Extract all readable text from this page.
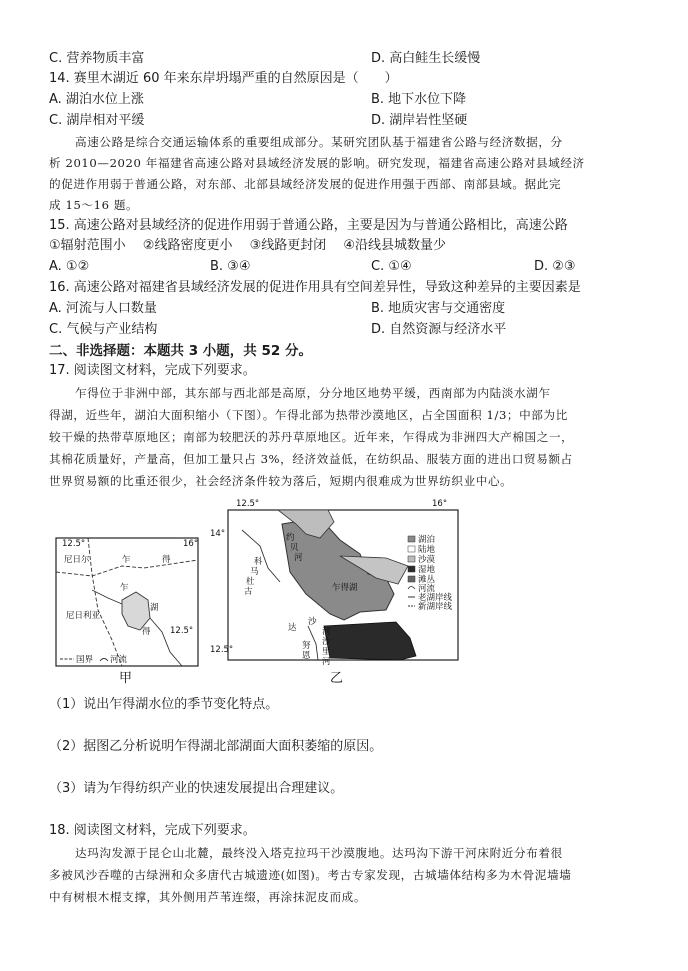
C. 营养物质丰富	D. 高白鲑生长缓慢
14. 赛里木湖近 60 年来东岸坍塌严重的自然原因是（　　）
A. 湖泊水位上涨	B. 地下水位下降
C. 湖岸相对平缓	D. 湖岸岩性坚硬
高速公路是综合交通运输体系的重要组成部分。某研究团队基于福建省公路与经济数据，分
析 2010—2020 年福建省高速公路对县域经济发展的影响。研究发现，福建省高速公路对县域经济
的促进作用弱于普通公路，对东部、北部县域经济发展的促进作用强于西部、南部县域。据此完
成 15～16 题。
15. 高速公路对县域经济的促进作用弱于普通公路，主要是因为与普通公路相比，高速公路
①辐射范围小　 ②线路密度更小　 ③线路更封闭　 ④沿线县城数量少
A. ①②	B. ③④	C. ①④	D. ②③
16. 高速公路对福建省县域经济发展的促进作用具有空间差异性，导致这种差异的主要因素是
A. 河流与人口数量	B. 地质灾害与交通密度
C. 气候与产业结构	D. 自然资源与经济水平
二、非选择题：本题共 3 小题，共 52 分。
17. 阅读图文材料，完成下列要求。
乍得位于非洲中部，其东部与西北部是高原，分分地区地势平缓，西南部为内陆淡水湖乍
得湖，近些年，湖泊大面积缩小（下图）。乍得北部为热带沙漠地区，占全国面积 1/3；中部为比
较干燥的热带草原地区；南部为较肥沃的苏丹草原地区。近年来，乍得成为非洲四大产棉国之一，
其棉花质量好，产量高，但加工量只占 3%，经济效益低，在纺织品、服装方面的进出口贸易额占
世界贸易额的比重还很少，社会经济条件较为落后，短期内很难成为世界纺织业中心。
12.5°	16°
12.5°
尼日尔	乍	得
尼日利亚
乍
湖
得
国界 河流
甲
12.5°	16°
14°
12.5°
乍得湖
约
贝
河
科
马
杜
古
达
沙
河
沙
里
河
努
恩
湖泊
陆地
沙漠
湿地
滩丛
河流
老湖岸线
新湖岸线
乙
（1）说出乍得湖水位的季节变化特点。
（2）据图乙分析说明乍得湖北部湖面大面积萎缩的原因。
（3）请为乍得纺织产业的快速发展提出合理建议。
18. 阅读图文材料，完成下列要求。
达玛沟发源于昆仑山北麓，最终没入塔克拉玛干沙漠腹地。达玛沟下游干河床附近分布着很
多被风沙吞噬的古绿洲和众多唐代古城遗迹(如图)。考古专家发现，古城墙体结构多为木骨泥墙墙
中有树根木棍支撑，其外侧用芦苇连缀，再涂抹泥皮而成。
